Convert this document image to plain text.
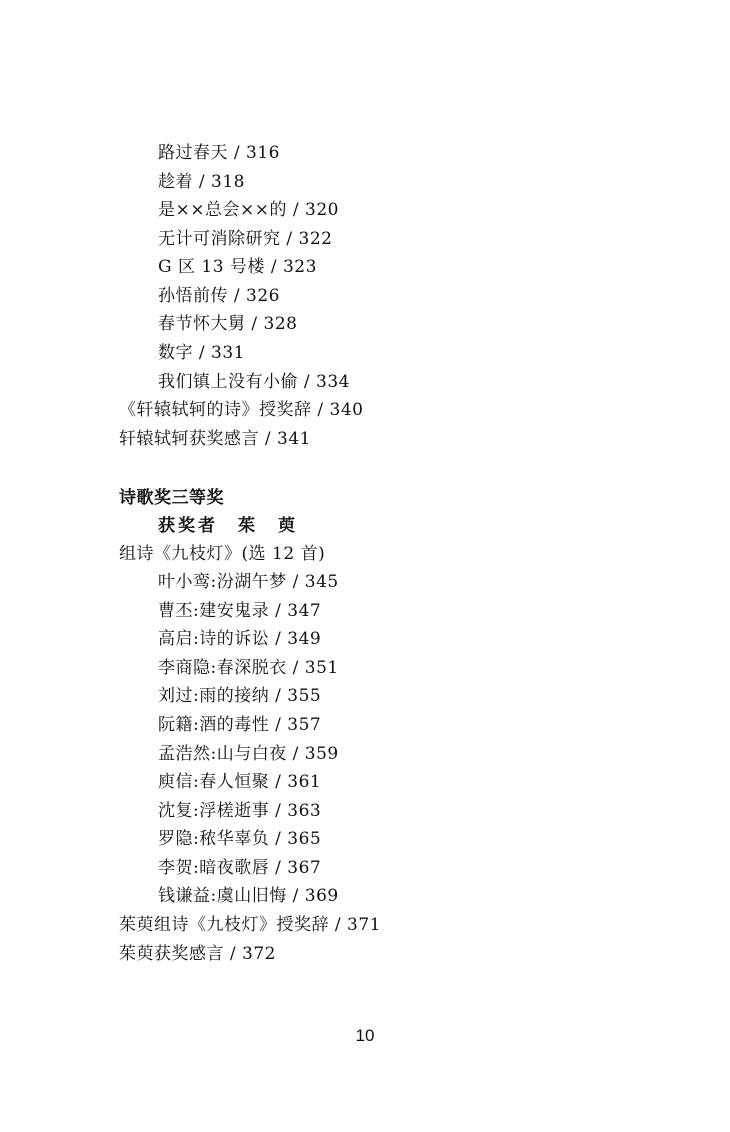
路过春天 / 316
趁着 / 318
是××总会××的 / 320
无计可消除研究 / 322
G 区 13 号楼 / 323
孙悟前传 / 326
春节怀大舅 / 328
数字 / 331
我们镇上没有小偷 / 334
《轩辕轼轲的诗》授奖辞 / 340
轩辕轼轲获奖感言 / 341
诗歌奖三等奖
获奖者　茱　萸
组诗《九枝灯》(选 12 首)
叶小鸾:汾湖午梦 / 345
曹丕:建安鬼录 / 347
高启:诗的诉讼 / 349
李商隐:春深脱衣 / 351
刘过:雨的接纳 / 355
阮籍:酒的毒性 / 357
孟浩然:山与白夜 / 359
庾信:春人恒聚 / 361
沈复:浮槎逝事 / 363
罗隐:秾华辜负 / 365
李贺:暗夜歌唇 / 367
钱谦益:虞山旧悔 / 369
茱萸组诗《九枝灯》授奖辞 / 371
茱萸获奖感言 / 372
10
